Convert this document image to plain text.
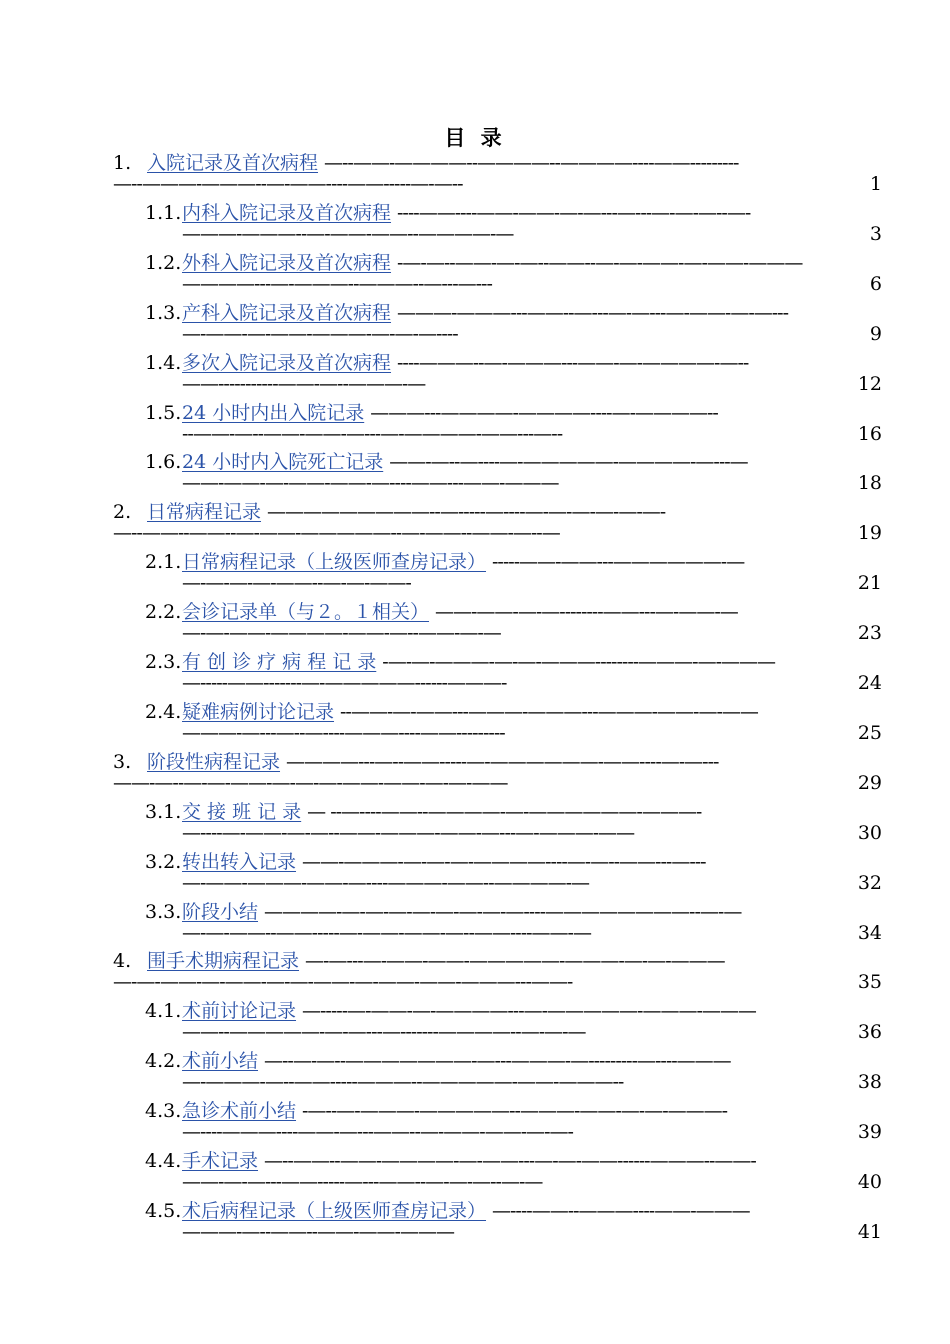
目 录
1. 入院记录及首次病程 —--——-————--————--————----——---------
—--———-———--—-——----——-----—-—--	1
1.1.内科入院记录及首次病程 ----——----——-——-—-—---—---—-—-—--—-
———-———--—-——-——--————-—	3
1.2.外科入院记录及首次病程 -—-—--——-—-—--——--—-—-——-—-——-———
————---—-———--———--—---—---	6
1.3.产科入院记录及首次病程 ———-———---——--—---—-—---—-——-—-—---
—-——-—-——-———-—-—-—----	9
1.4.多次入院记录及首次病程 ----———--—-———---——-—-————-—--
——-----------——-—--———-—	12
1.5.24 小时内出入院记录 ———---————-————----—-————--
--——-—--——-——-—---—-————-——---—--	16
1.6.24 小时内入院死亡记录 ——-—--—----—-—————-————-—---—
——-——-—-——-——-—----——---——-———	18
2. 日常病程记录 —————————--—-----—----—-—-—-—-—-—-
—--——--——--—-——-—————--—-——--——-—--—	19
2.1.日常病程记录（上级医师查房记录） -----——-——---——————-—
—-—-—-—-——--—-—-——-	21
2.2.会诊记录单（与２。１相关） ——-——-—-—--------——---—-——-—
—-—-——-————-——-—--——-—-—	23
2.3.有 创 诊 疗 病 程 记 录 -—-—-———-—-—-———--------———-—-———
—-----——-------—-—————------———-	24
2.4.疑难病例讨论记录 --——-—-——---———-———---———-——-—-——
———-—---—--—----———----——---------	25
3. 阶段性病程记录 ————---—--——-----—-——————-——----—-—---
——-—--—-—-——-—-—-—-——-——-—-—-——	29
3.1.交 接 班 记 录 — --—----——--————-—-——————-———-
—----—-——-—-—--——-———-——-—---—-———-——	30
3.2.转出转入记录 ——-———-—-—-—-————----—-—--——---—---
—-——-———-——-—----———-——--————-—	32
3.3.阶段小结 ————-—-—-—-—-—-—-—-—----————————--—-—
—-—-——--——-----—-——-——-—--——----——-—	34
4. 围手术期病程记录 —-—---—-——-——-—————-———-—-—-———
—-—-——-—-——-—-—-——-—-——-——-———---——-	35
4.1.术前讨论记录 —-----—-——-—-————---—-—————-———-———
——--—————-—-—---—-------————--—-—-—	36
4.2.术前小结 —--—-—--———————-—---———-—---------—----———
—-———-—--——-----———--—————-——-———--	38
4.3.急诊术前小结 -—--—-———-—————--———-——-—-—-———-
—----———----——-—---——--—-——-——-—-—-	39
4.4.手术记录 —--——--——-————-—-——---—-—-——------———--——-
——-—-—---——-----—---——--—-—-—--—-—	40
4.5.术后病程记录（上级医师查房记录） —----——--———----——-———
———-—--——--——-——-———	41
